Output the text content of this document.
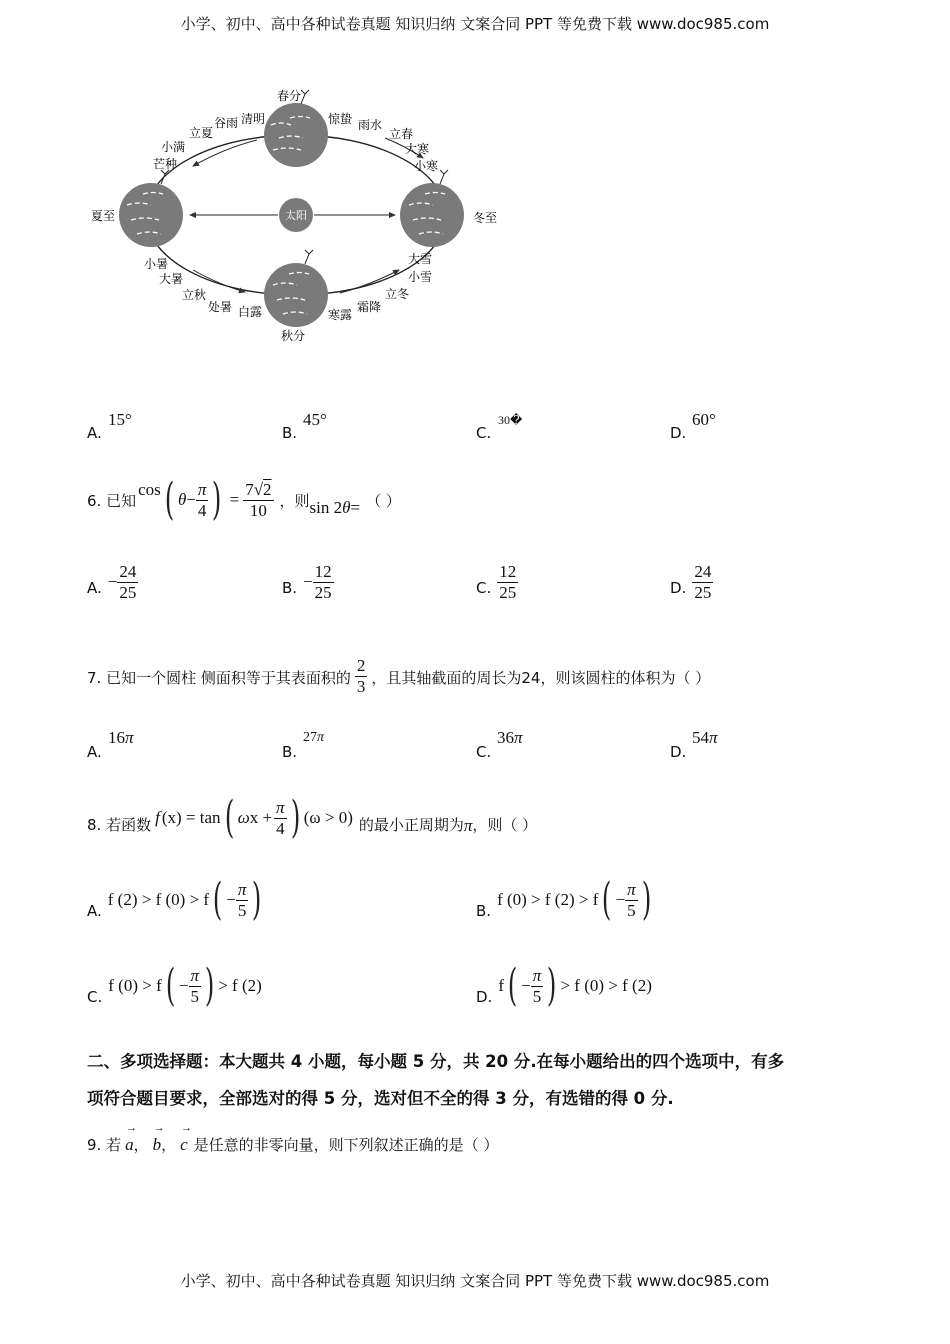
小学、初中、高中各种试卷真题 知识归纳 文案合同 PPT 等免费下载 www.doc985.com
太阳
春分
夏至
秋分
冬至
立夏
谷雨 清明
小满
芒种
惊蛰 雨水
立春
大寒
小寒
小暑
大暑
立秋
处暑 白露	寒露
霜降
立冬
小雪
大雪
A.
15°
B.
45°
C.
30�
D.
60°
6. 已知
cos ( $\theta - \frac{\pi}{4}$ ) = $\frac{7√2}{10}$ ，则 sin 2 θ = （ ）
A. − $\frac{24}{25}$	B. − $\frac{12}{25}$	C. $\frac{12}{25}$	D. $\frac{24}{25}$
7. 已知一个圆柱 侧面积等于其表面积的 $\frac{2}{3}$ ，且其轴截面的周长为24，则该圆柱的体积为（ ）
A.
16π
B.
27π
C.
36π
D.
54π
8. 若函数 f (x) = tan ( ω $x + \frac{\pi}{4}$ ) (ω > 0) 的最小正周期为 π ，则（ ）
A.
f (2) > f (0) > f ( − $\frac{\pi}{5}$ )	B.
f (0) > f (2) > f ( − $\frac{\pi}{5}$ )
C.
f (0) > f ( − $\frac{\pi}{5}$ ) > f (2)
D.
f ( − $\frac{\pi}{5}$ ) > f (0) > f (2)
二、多项选择题：本大题共 4 小题，每小题 5 分，共 20 分.在每小题给出的四个选项中，有多
项符合题目要求，全部选对的得 5 分，选对但不全的得 3 分，有选错的得 0 分.
9. 若
→
a ，
→
b ，
→
c 是任意的非零向量，则下列叙述正确的是（ ）
小学、初中、高中各种试卷真题 知识归纳 文案合同 PPT 等免费下载 www.doc985.com
